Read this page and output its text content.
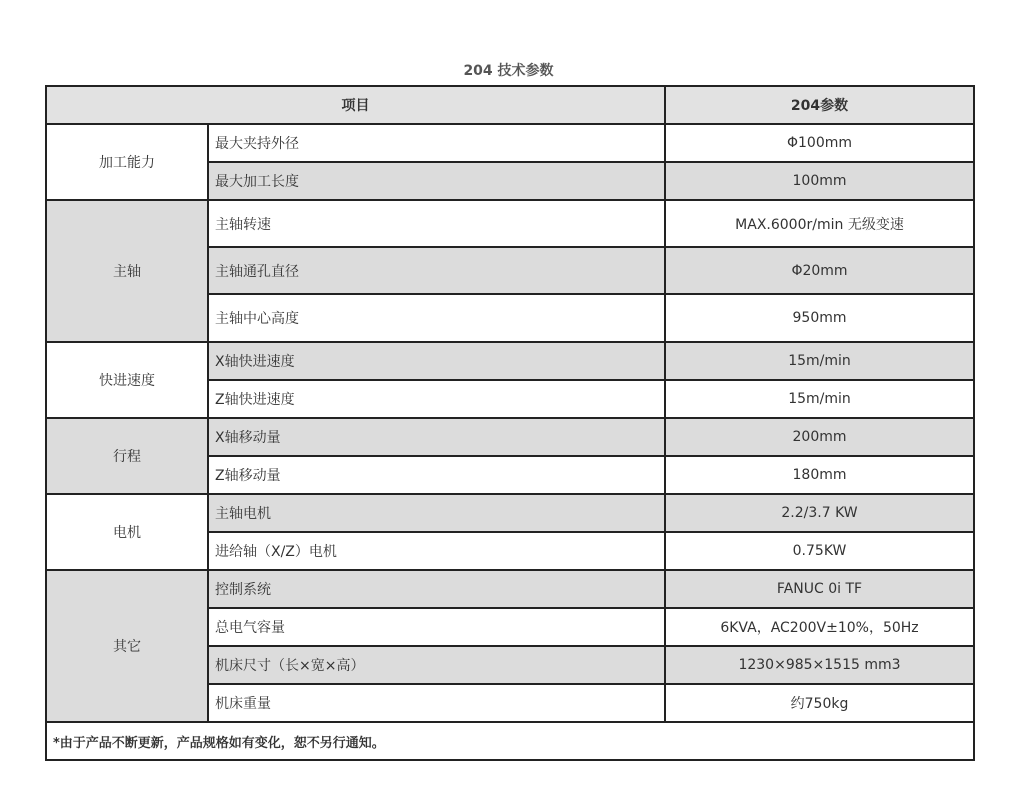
204 技术参数
项目		204参数
加工能力	最大夹持外径	Φ100mm
	最大加工长度	100mm
主轴	主轴转速	MAX.6000r/min 无级变速
	主轴通孔直径	Φ20mm
	主轴中心高度	950mm
快进速度	X轴快进速度	15m/min
	Z轴快进速度	15m/min
行程	X轴移动量	200mm
	Z轴移动量	180mm
电机	主轴电机	2.2/3.7 KW
	进给轴（X/Z）电机	0.75KW
其它	控制系统	FANUC 0i TF
	总电气容量	6KVA，AC200V±10%，50Hz
	机床尺寸（长×宽×高）	1230×985×1515 mm3
	机床重量	约750kg
*由于产品不断更新，产品规格如有变化，恕不另行通知。		
